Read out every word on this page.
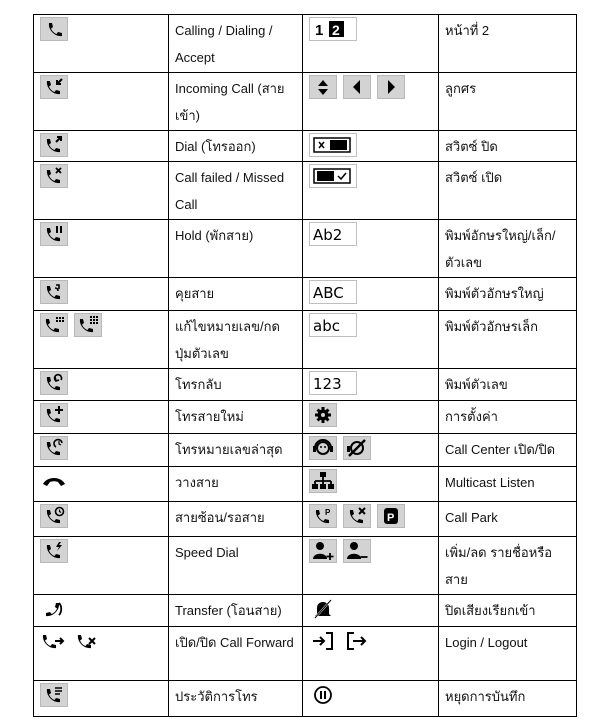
	Calling / Dialing / Accept	1 2	หน้าที่ 2

	Incoming Call (สายเข้า)		ลูกศร

	Dial (โทรออก)		สวิตซ์ ปิด

	Call failed / Missed Call		สวิตซ์ เปิด

	Hold (พักสาย)	Ab2	พิมพ์อักษรใหญ่/เล็ก/ตัวเลข

	คุยสาย	ABC	พิมพ์ตัวอักษรใหญ่

	แก้ไขหมายเลข/กดปุ่มตัวเลข	abc	พิมพ์ตัวอักษรเล็ก

	โทรกลับ	123	พิมพ์ตัวเลข

	โทรสายใหม่		การตั้งค่า

	โทรหมายเลขล่าสุด		Call Center เปิด/ปิด

	วางสาย		Multicast Listen

	สายซ้อน/รอสาย	P P	Call Park

	Speed Dial		เพิ่ม/ลด รายชื่อหรือสาย

	Transfer (โอนสาย)		ปิดเสียงเรียกเข้า

	เปิด/ปิด Call Forward		Login / Logout

	ประวัติการโทร		หยุดการบันทึก
